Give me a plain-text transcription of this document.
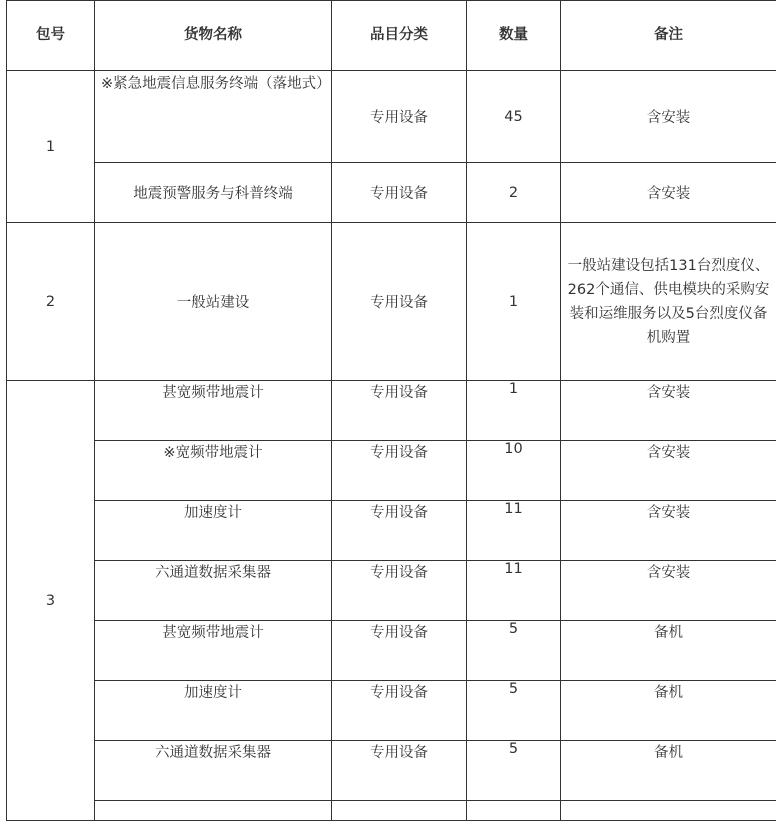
包号	货物名称	品目分类	数量	备注
1	※紧急地震信息服务终端（落地式）	专用设备	45	含安装
	地震预警服务与科普终端	专用设备	2	含安装
2	一般站建设	专用设备	1	一般站建设包括131台烈度仪、262个通信、供电模块的采购安装和运维服务以及5台烈度仪备机购置
3	甚宽频带地震计	专用设备	1	含安装
	※宽频带地震计	专用设备	10	含安装
	加速度计	专用设备	11	含安装
	六通道数据采集器	专用设备	11	含安装
	甚宽频带地震计	专用设备	5	备机
	加速度计	专用设备	5	备机
	六通道数据采集器	专用设备	5	备机
